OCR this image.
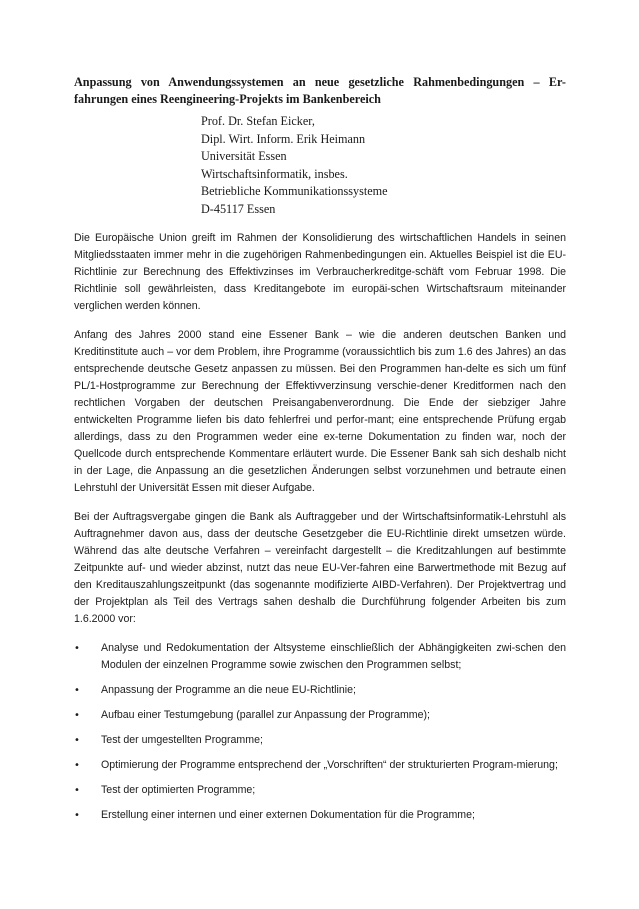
Anpassung von Anwendungssystemen an neue gesetzliche Rahmenbedingungen – Er-fahrungen eines Reengineering-Projekts im Bankenbereich
Prof. Dr. Stefan Eicker,
Dipl. Wirt. Inform. Erik Heimann
Universität Essen
Wirtschaftsinformatik, insbes.
Betriebliche Kommunikationssysteme
D-45117 Essen

Die Europäische Union greift im Rahmen der Konsolidierung des wirtschaftlichen Handels in seinen Mitgliedsstaaten immer mehr in die zugehörigen Rahmenbedingungen ein. Aktuelles Beispiel ist die EU-Richtlinie zur Berechnung des Effektivzinses im Verbraucherkreditge-schäft vom Februar 1998. Die Richtlinie soll gewährleisten, dass Kreditangebote im europäi-schen Wirtschaftsraum miteinander verglichen werden können.

Anfang des Jahres 2000 stand eine Essener Bank – wie die anderen deutschen Banken und Kreditinstitute auch – vor dem Problem, ihre Programme (voraussichtlich bis zum 1.6 des Jahres) an das entsprechende deutsche Gesetz anpassen zu müssen. Bei den Programmen han-delte es sich um fünf PL/1-Hostprogramme zur Berechnung der Effektivverzinsung verschie-dener Kreditformen nach den rechtlichen Vorgaben der deutschen Preisangabenverordnung. Die Ende der siebziger Jahre entwickelten Programme liefen bis dato fehlerfrei und perfor-mant; eine entsprechende Prüfung ergab allerdings, dass zu den Programmen weder eine ex-terne Dokumentation zu finden war, noch der Quellcode durch entsprechende Kommentare erläutert wurde. Die Essener Bank sah sich deshalb nicht in der Lage, die Anpassung an die gesetzlichen Änderungen selbst vorzunehmen und betraute einen Lehrstuhl der Universität Essen mit dieser Aufgabe.

Bei der Auftragsvergabe gingen die Bank als Auftraggeber und der Wirtschaftsinformatik-Lehrstuhl als Auftragnehmer davon aus, dass der deutsche Gesetzgeber die EU-Richtlinie direkt umsetzen würde. Während das alte deutsche Verfahren – vereinfacht dargestellt – die Kreditzahlungen auf bestimmte Zeitpunkte auf- und wieder abzinst, nutzt das neue EU-Ver-fahren eine Barwertmethode mit Bezug auf den Kreditauszahlungszeitpunkt (das sogenannte modifizierte AIBD-Verfahren). Der Projektvertrag und der Projektplan als Teil des Vertrags sahen deshalb die Durchführung folgender Arbeiten bis zum 1.6.2000 vor:

• Analyse und Redokumentation der Altsysteme einschließlich der Abhängigkeiten zwi-schen den Modulen der einzelnen Programme sowie zwischen den Programmen selbst;
• Anpassung der Programme an die neue EU-Richtlinie;
• Aufbau einer Testumgebung (parallel zur Anpassung der Programme);
• Test der umgestellten Programme;
• Optimierung der Programme entsprechend der „Vorschriften“ der strukturierten Program-mierung;
• Test der optimierten Programme;
• Erstellung einer internen und einer externen Dokumentation für die Programme;
